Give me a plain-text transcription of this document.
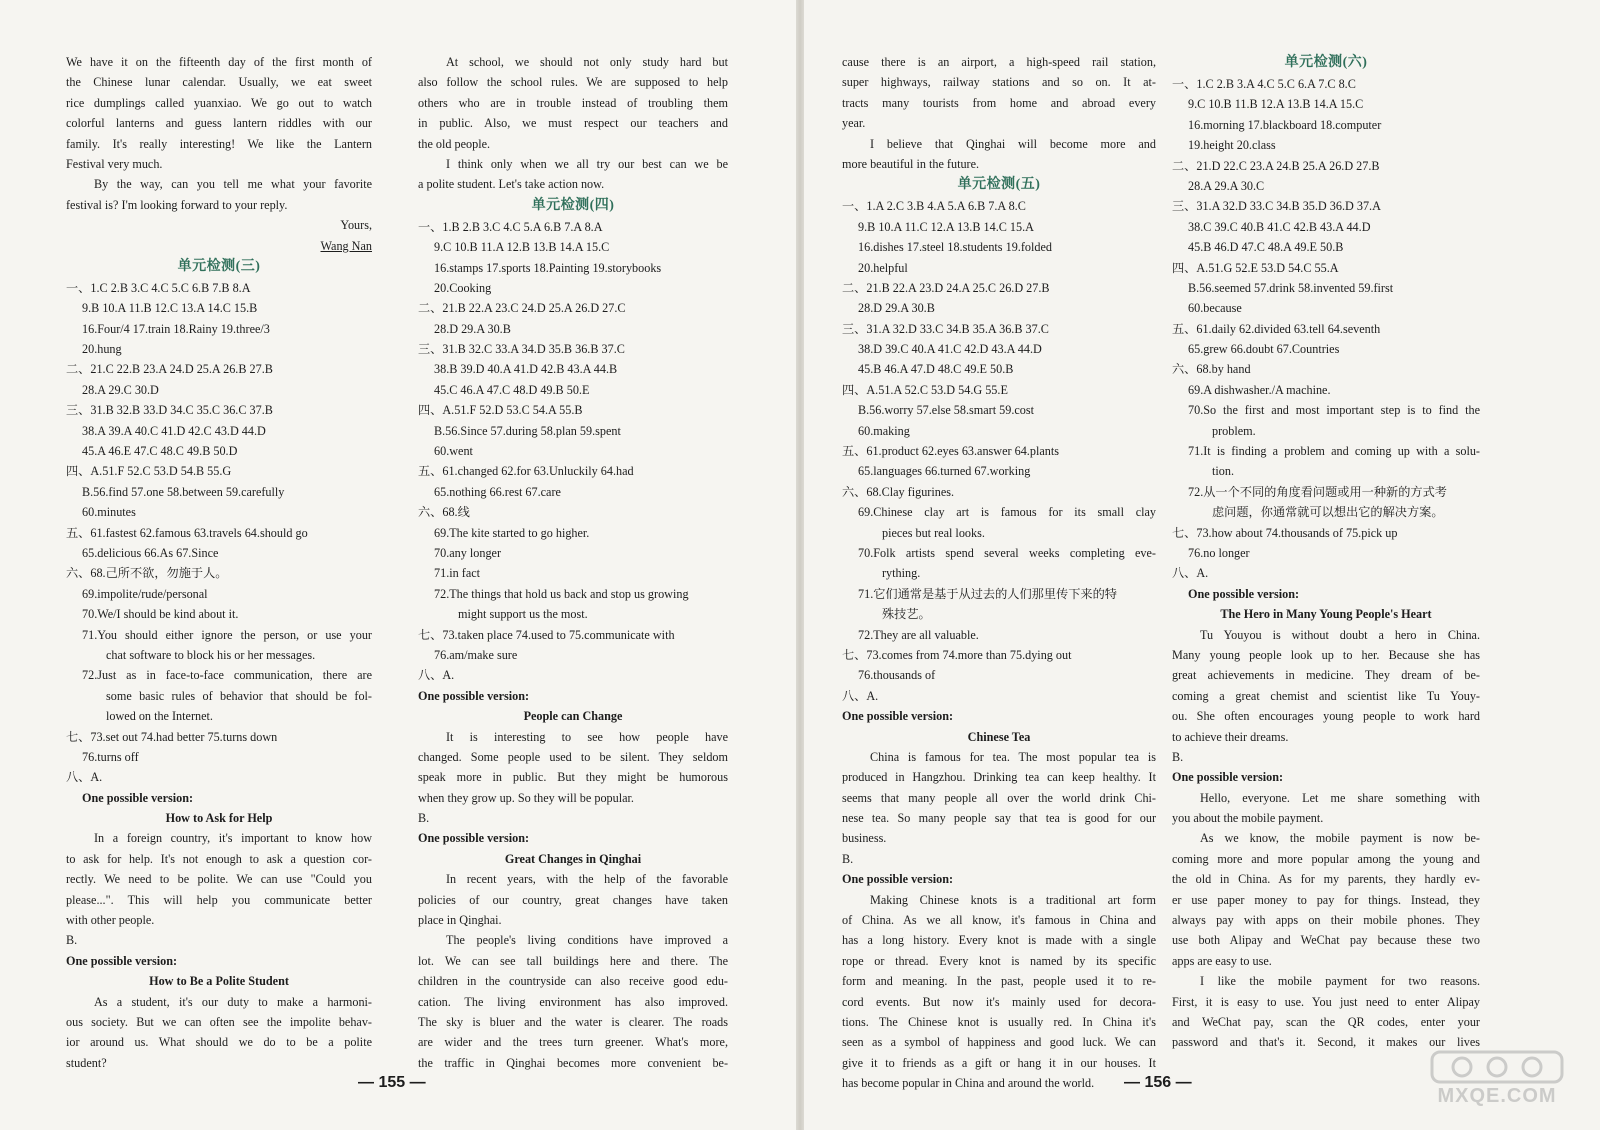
We have it on the fifteenth day of the first month of
the Chinese lunar calendar. Usually, we eat sweet
rice dumplings called yuanxiao. We go out to watch
colorful lanterns and guess lantern riddles with our
family. It's really interesting! We like the Lantern
Festival very much.
By the way, can you tell me what your favorite
festival is? I'm looking forward to your reply.
Yours,
Wang Nan
单元检测(三)
一、1.C 2.B 3.C 4.C 5.C 6.B 7.B 8.A
9.B 10.A 11.B 12.C 13.A 14.C 15.B
16.Four/4 17.train 18.Rainy 19.three/3
20.hung
二、21.C 22.B 23.A 24.D 25.A 26.B 27.B
28.A 29.C 30.D
三、31.B 32.B 33.D 34.C 35.C 36.C 37.B
38.A 39.A 40.C 41.D 42.C 43.D 44.D
45.A 46.E 47.C 48.C 49.B 50.D
四、A.51.F 52.C 53.D 54.B 55.G
B.56.find 57.one 58.between 59.carefully
60.minutes
五、61.fastest 62.famous 63.travels 64.should go
65.delicious 66.As 67.Since
六、68.己所不欲，勿施于人。
69.impolite/rude/personal
70.We/I should be kind about it.
71.You should either ignore the person, or use your
chat software to block his or her messages.
72.Just as in face-to-face communication, there are
some basic rules of behavior that should be fol-
lowed on the Internet.
七、73.set out 74.had better 75.turns down
76.turns off
八、A.
One possible version:
How to Ask for Help
In a foreign country, it's important to know how
to ask for help. It's not enough to ask a question cor-
rectly. We need to be polite. We can use "Could you
please...". This will help you communicate better
with other people.
B.
One possible version:
How to Be a Polite Student
As a student, it's our duty to make a harmoni-
ous society. But we can often see the impolite behav-
ior around us. What should we do to be a polite
student?
At school, we should not only study hard but
also follow the school rules. We are supposed to help
others who are in trouble instead of troubling them
in public. Also, we must respect our teachers and
the old people.
I think only when we all try our best can we be
a polite student. Let's take action now.
单元检测(四)
一、1.B 2.B 3.C 4.C 5.A 6.B 7.A 8.A
9.C 10.B 11.A 12.B 13.B 14.A 15.C
16.stamps 17.sports 18.Painting 19.storybooks
20.Cooking
二、21.B 22.A 23.C 24.D 25.A 26.D 27.C
28.D 29.A 30.B
三、31.B 32.C 33.A 34.D 35.B 36.B 37.C
38.B 39.D 40.A 41.D 42.B 43.A 44.B
45.C 46.A 47.C 48.D 49.B 50.E
四、A.51.F 52.D 53.C 54.A 55.B
B.56.Since 57.during 58.plan 59.spent
60.went
五、61.changed 62.for 63.Unluckily 64.had
65.nothing 66.rest 67.care
六、68.线
69.The kite started to go higher.
70.any longer
71.in fact
72.The things that hold us back and stop us growing
might support us the most.
七、73.taken place 74.used to 75.communicate with
76.am/make sure
八、A.
One possible version:
People can Change
It is interesting to see how people have
changed. Some people used to be silent. They seldom
speak more in public. But they might be humorous
when they grow up. So they will be popular.
B.
One possible version:
Great Changes in Qinghai
In recent years, with the help of the favorable
policies of our country, great changes have taken
place in Qinghai.
The people's living conditions have improved a
lot. We can see tall buildings here and there. The
children in the countryside can also receive good edu-
cation. The living environment has also improved.
The sky is bluer and the water is clearer. The roads
are wider and the trees turn greener. What's more,
the traffic in Qinghai becomes more convenient be-
— 155 —
cause there is an airport, a high-speed rail station,
super highways, railway stations and so on. It at-
tracts many tourists from home and abroad every
year.
I believe that Qinghai will become more and
more beautiful in the future.
单元检测(五)
一、1.A 2.C 3.B 4.A 5.A 6.B 7.A 8.C
9.B 10.A 11.C 12.A 13.B 14.C 15.A
16.dishes 17.steel 18.students 19.folded
20.helpful
二、21.B 22.A 23.D 24.A 25.C 26.D 27.B
28.D 29.A 30.B
三、31.A 32.D 33.C 34.B 35.A 36.B 37.C
38.D 39.C 40.A 41.C 42.D 43.A 44.D
45.B 46.A 47.D 48.C 49.E 50.B
四、A.51.A 52.C 53.D 54.G 55.E
B.56.worry 57.else 58.smart 59.cost
60.making
五、61.product 62.eyes 63.answer 64.plants
65.languages 66.turned 67.working
六、68.Clay figurines.
69.Chinese clay art is famous for its small clay
pieces but real looks.
70.Folk artists spend several weeks completing eve-
rything.
71.它们通常是基于从过去的人们那里传下来的特
殊技艺。
72.They are all valuable.
七、73.comes from 74.more than 75.dying out
76.thousands of
八、A.
One possible version:
Chinese Tea
China is famous for tea. The most popular tea is
produced in Hangzhou. Drinking tea can keep healthy. It
seems that many people all over the world drink Chi-
nese tea. So many people say that tea is good for our
business.
B.
One possible version:
Making Chinese knots is a traditional art form
of China. As we all know, it's famous in China and
has a long history. Every knot is made with a single
rope or thread. Every knot is named by its specific
form and meaning. In the past, people used it to re-
cord events. But now it's mainly used for decora-
tions. The Chinese knot is usually red. In China it's
seen as a symbol of happiness and good luck. We can
give it to friends as a gift or hang it in our houses. It
has become popular in China and around the world.
单元检测(六)
一、1.C 2.B 3.A 4.C 5.C 6.A 7.C 8.C
9.C 10.B 11.B 12.A 13.B 14.A 15.C
16.morning 17.blackboard 18.computer
19.height 20.class
二、21.D 22.C 23.A 24.B 25.A 26.D 27.B
28.A 29.A 30.C
三、31.A 32.D 33.C 34.B 35.D 36.D 37.A
38.C 39.C 40.B 41.C 42.B 43.A 44.D
45.B 46.D 47.C 48.A 49.E 50.B
四、A.51.G 52.E 53.D 54.C 55.A
B.56.seemed 57.drink 58.invented 59.first
60.because
五、61.daily 62.divided 63.tell 64.seventh
65.grew 66.doubt 67.Countries
六、68.by hand
69.A dishwasher./A machine.
70.So the first and most important step is to find the
problem.
71.It is finding a problem and coming up with a solu-
tion.
72.从一个不同的角度看问题或用一种新的方式考
虑问题，你通常就可以想出它的解决方案。
七、73.how about 74.thousands of 75.pick up
76.no longer
八、A.
One possible version:
The Hero in Many Young People's Heart
Tu Youyou is without doubt a hero in China.
Many young people look up to her. Because she has
great achievements in medicine. They dream of be-
coming a great chemist and scientist like Tu Youy-
ou. She often encourages young people to work hard
to achieve their dreams.
B.
One possible version:
Hello, everyone. Let me share something with
you about the mobile payment.
As we know, the mobile payment is now be-
coming more and more popular among the young and
the old in China. As for my parents, they hardly ev-
er use paper money to pay for things. Instead, they
always pay with apps on their mobile phones. They
use both Alipay and WeChat pay because these two
apps are easy to use.
I like the mobile payment for two reasons.
First, it is easy to use. You just need to enter Alipay
and WeChat pay, scan the QR codes, enter your
password and that's it. Second, it makes our lives
— 156 —
MXQE.COM
